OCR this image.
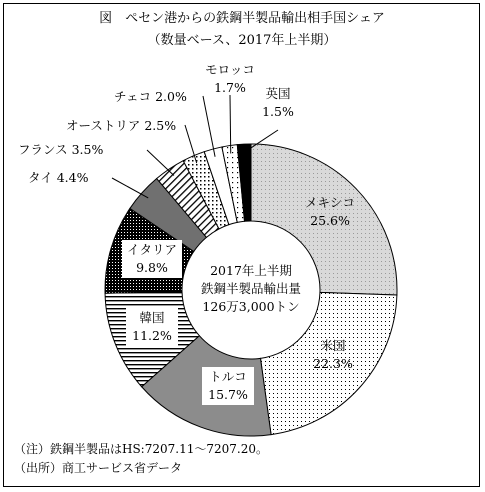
図　ペセン港からの鉄鋼半製品輸出相手国シェア
（数量ベース、2017年上半期）
メキシコ
25.6%
米国
22.3%
トルコ
15.7%
韓国
11.2%
イタリア
9.8%
タイ 4.4%
フランス 3.5%
オーストリア 2.5%
チェコ 2.0%
モロッコ
1.7% 英国
1.5%
2017年上半期
鉄鋼半製品輸出量
126万3,000トン
（注）鉄鋼半製品はHS:7207.11～7207.20。
（出所）商工サービス省データ
